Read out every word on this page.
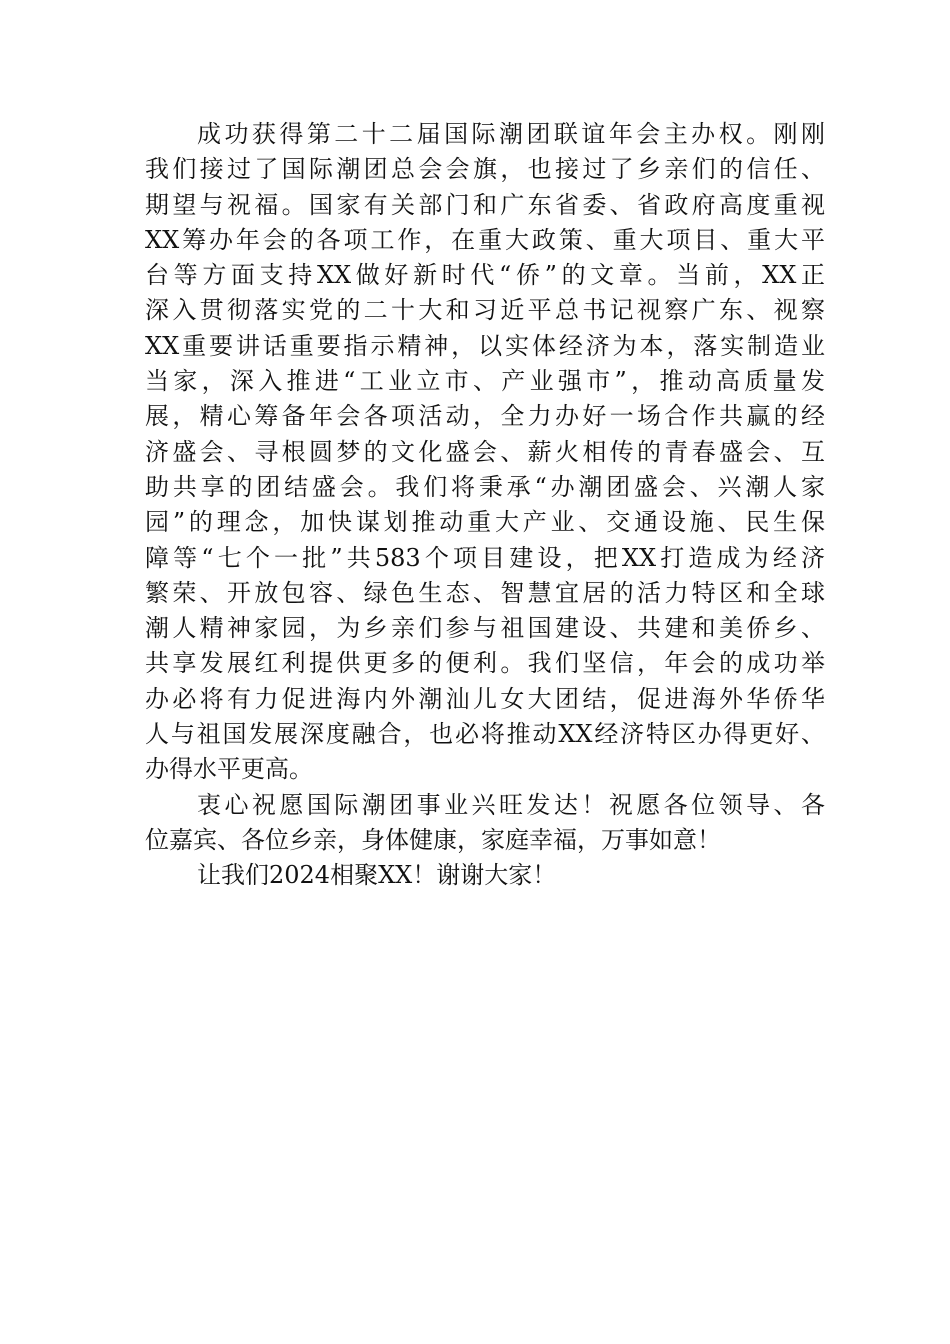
成功获得第二十二届国际潮团联谊年会主办权。刚刚
我们接过了国际潮团总会会旗，也接过了乡亲们的信任、
期望与祝福。国家有关部门和广东省委、省政府高度重视
XX筹办年会的各项工作，在重大政策、重大项目、重大平
台等方面支持XX做好新时代“侨”的文章。当前，XX正
深入贯彻落实党的二十大和习近平总书记视察广东、视察
XX重要讲话重要指示精神，以实体经济为本，落实制造业
当家，深入推进“工业立市、产业强市”，推动高质量发
展，精心筹备年会各项活动，全力办好一场合作共赢的经
济盛会、寻根圆梦的文化盛会、薪火相传的青春盛会、互
助共享的团结盛会。我们将秉承“办潮团盛会、兴潮人家
园”的理念，加快谋划推动重大产业、交通设施、民生保
障等“七个一批”共583个项目建设，把XX打造成为经济
繁荣、开放包容、绿色生态、智慧宜居的活力特区和全球
潮人精神家园，为乡亲们参与祖国建设、共建和美侨乡、
共享发展红利提供更多的便利。我们坚信，年会的成功举
办必将有力促进海内外潮汕儿女大团结，促进海外华侨华
人与祖国发展深度融合，也必将推动XX经济特区办得更好、
办得水平更高。
衷心祝愿国际潮团事业兴旺发达！祝愿各位领导、各
位嘉宾、各位乡亲，身体健康，家庭幸福，万事如意！
让我们2024相聚XX！谢谢大家！
